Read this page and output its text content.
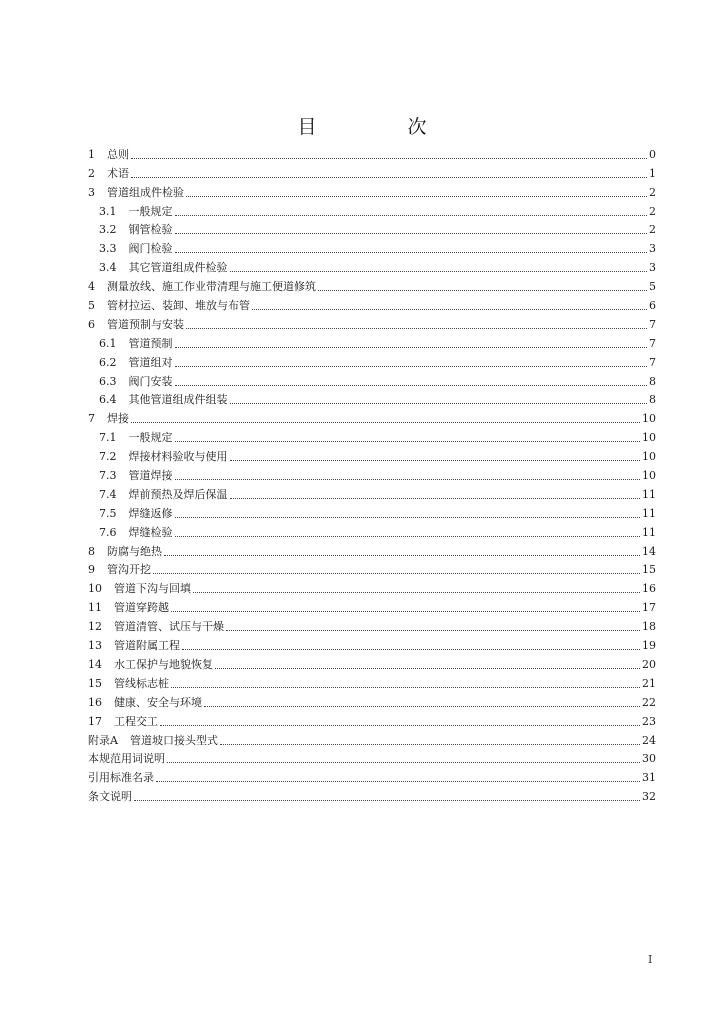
目　次
1 总则	0
2 术语	1
3 管道组成件检验	2
3.1 一般规定	2
3.2 钢管检验	2
3.3 阀门检验	3
3.4 其它管道组成件检验	3
4 测量放线、施工作业带清理与施工便道修筑	5
5 管材拉运、装卸、堆放与布管	6
6 管道预制与安装	7
6.1 管道预制	7
6.2 管道组对	7
6.3 阀门安装	8
6.4 其他管道组成件组装	8
7 焊接	10
7.1 一般规定	10
7.2 焊接材料验收与使用	10
7.3 管道焊接	10
7.4 焊前预热及焊后保温	11
7.5 焊缝返修	11
7.6 焊缝检验	11
8 防腐与绝热	14
9 管沟开挖	15
10 管道下沟与回填	16
11 管道穿跨越	17
12 管道清管、试压与干燥	18
13 管道附属工程	19
14 水工保护与地貌恢复	20
15 管线标志桩	21
16 健康、安全与环境	22
17 工程交工	23
附录A 管道坡口接头型式	24
本规范用词说明	30
引用标准名录	31
条文说明	32
I
